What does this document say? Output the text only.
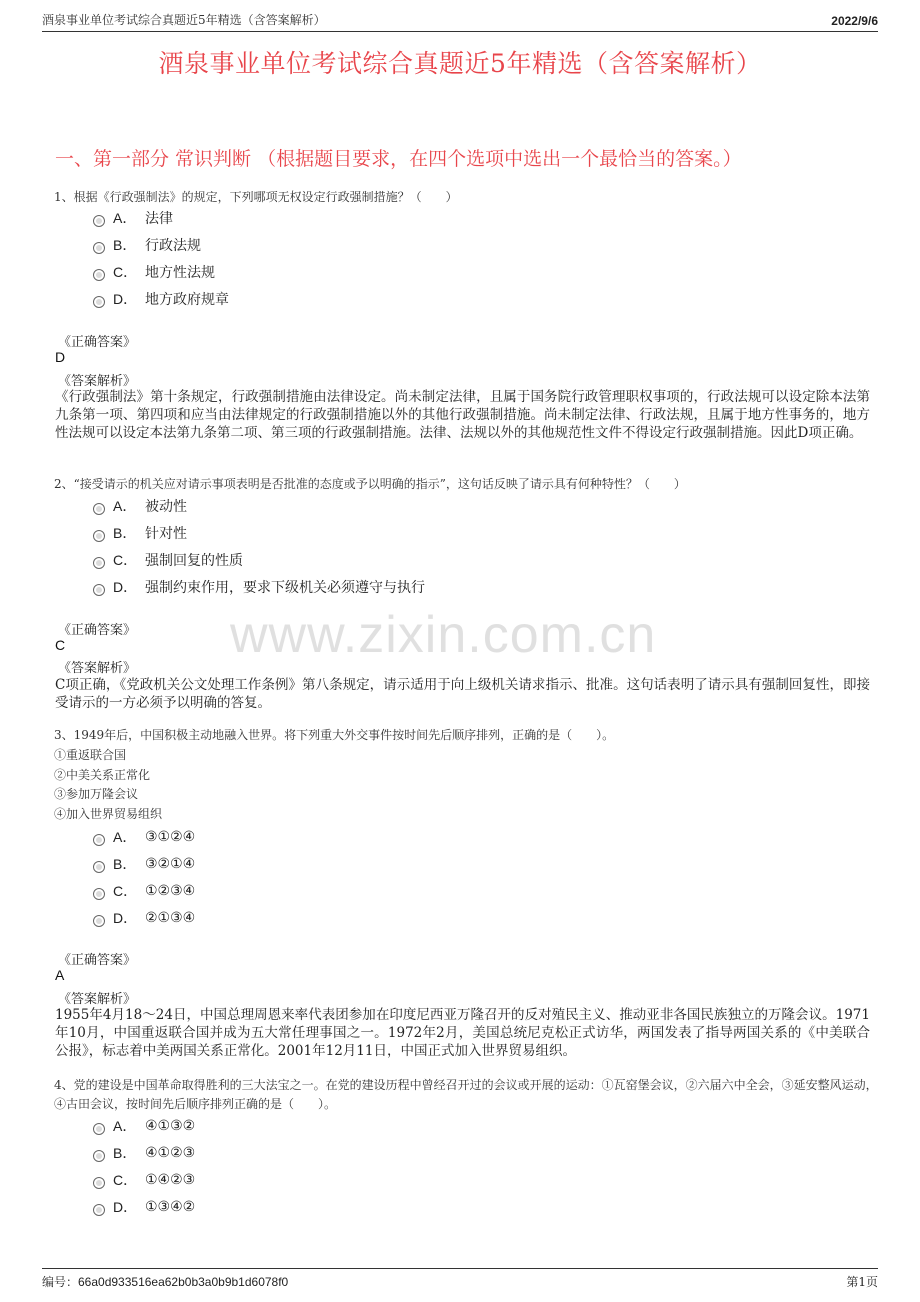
酒泉事业单位考试综合真题近5年精选（含答案解析）	2022/9/6
酒泉事业单位考试综合真题近5年精选（含答案解析）
一、第一部分 常识判断 （根据题目要求，在四个选项中选出一个最恰当的答案。）
www.zixin.com.cn
1、根据《行政强制法》的规定，下列哪项无权设定行政强制措施？（　　）
A． 法律
B． 行政法规
C． 地方性法规
D． 地方政府规章
《正确答案》
D
《答案解析》
《行政强制法》第十条规定，行政强制措施由法律设定。尚未制定法律，且属于国务院行政管理职权事项的，行政法规可以设定除本法第九条第一项、第四项和应当由法律规定的行政强制措施以外的其他行政强制措施。尚未制定法律、行政法规，且属于地方性事务的，地方性法规可以设定本法第九条第二项、第三项的行政强制措施。法律、法规以外的其他规范性文件不得设定行政强制措施。因此D项正确。
2、“接受请示的机关应对请示事项表明是否批准的态度或予以明确的指示”，这句话反映了请示具有何种特性？（　　）
A． 被动性
B． 针对性
C． 强制回复的性质
D． 强制约束作用，要求下级机关必须遵守与执行
《正确答案》
C
《答案解析》
C项正确，《党政机关公文处理工作条例》第八条规定，请示适用于向上级机关请求指示、批准。这句话表明了请示具有强制回复性，即接受请示的一方必须予以明确的答复。
3、1949年后，中国积极主动地融入世界。将下列重大外交事件按时间先后顺序排列，正确的是（　　）。
①重返联合国
②中美关系正常化
③参加万隆会议
④加入世界贸易组织
A． ③①②④
B． ③②①④
C． ①②③④
D． ②①③④
《正确答案》
A
《答案解析》
1955年4月18～24日，中国总理周恩来率代表团参加在印度尼西亚万隆召开的反对殖民主义、推动亚非各国民族独立的万隆会议。1971年10月，中国重返联合国并成为五大常任理事国之一。1972年2月，美国总统尼克松正式访华，两国发表了指导两国关系的《中美联合公报》，标志着中美两国关系正常化。2001年12月11日，中国正式加入世界贸易组织。
4、党的建设是中国革命取得胜利的三大法宝之一。在党的建设历程中曾经召开过的会议或开展的运动：①瓦窑堡会议，②六届六中全会，③延安整风运动，④古田会议，按时间先后顺序排列正确的是（　　）。
A． ④①③②
B． ④①②③
C． ①④②③
D． ①③④②
编号：66a0d933516ea62b0b3a0b9b1d6078f0	第1页
